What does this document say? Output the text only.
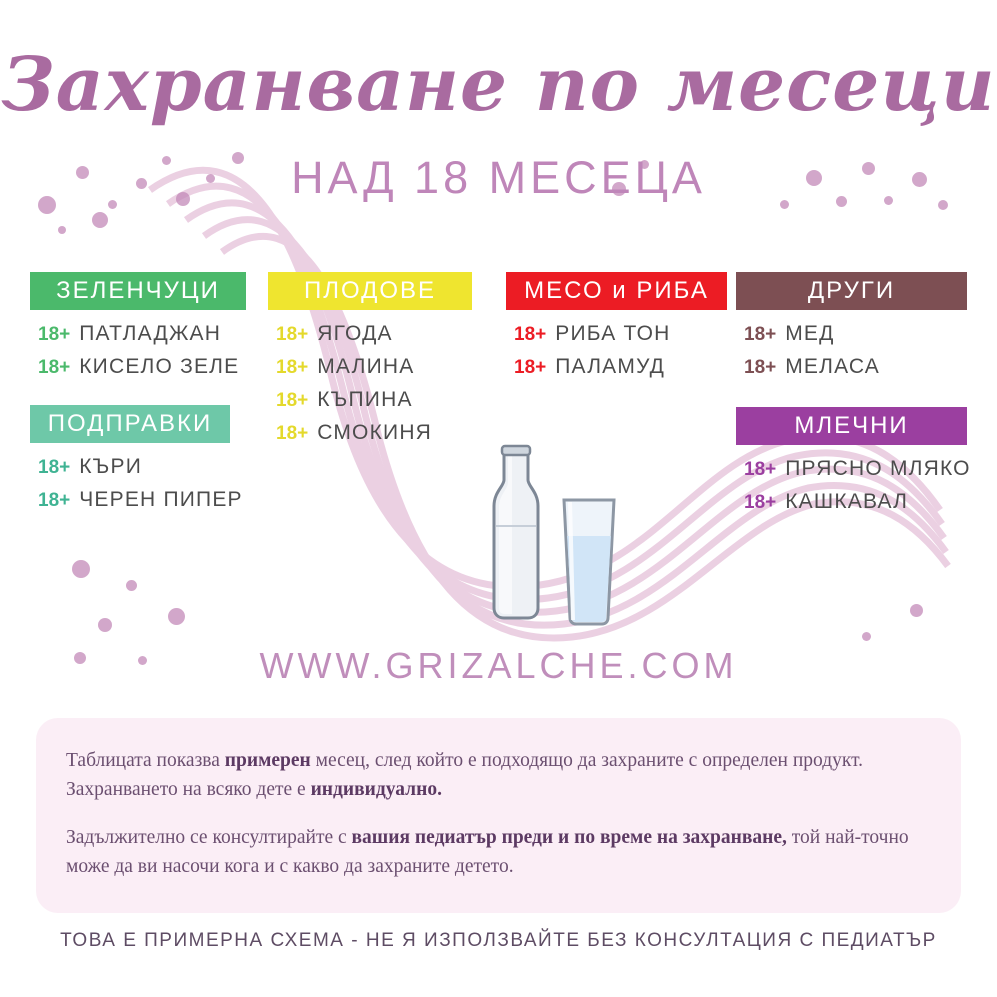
Захранване по месеци
НАД 18 МЕСЕЦА
ЗЕЛЕНЧУЦИ
18+ ПАТЛАДЖАН
18+ КИСЕЛО ЗЕЛЕ
ПОДПРАВКИ
18+ КЪРИ
18+ ЧЕРЕН ПИПЕР
ПЛОДОВЕ
18+ ЯГОДА
18+ МАЛИНА
18+ КЪПИНА
18+ СМОКИНЯ
МЕСО и РИБА
18+ РИБА ТОН
18+ ПАЛАМУД
ДРУГИ
18+ МЕД
18+ МЕЛАСА
МЛЕЧНИ
18+ ПРЯСНО МЛЯКО
18+ КАШКАВАЛ
WWW.GRIZALCHE.COM

Таблицата показва примерен месец, след който е подходящо да захраните с определен продукт. Захранването на всяко дете е индивидуално.

Задължително се консултирайте с вашия педиатър преди и по време на захранване, той най-точно може да ви насочи кога и с какво да захраните детето.

ТОВА Е ПРИМЕРНА СХЕМА - НЕ Я ИЗПОЛЗВАЙТЕ БЕЗ КОНСУЛТАЦИЯ С ПЕДИАТЪР
